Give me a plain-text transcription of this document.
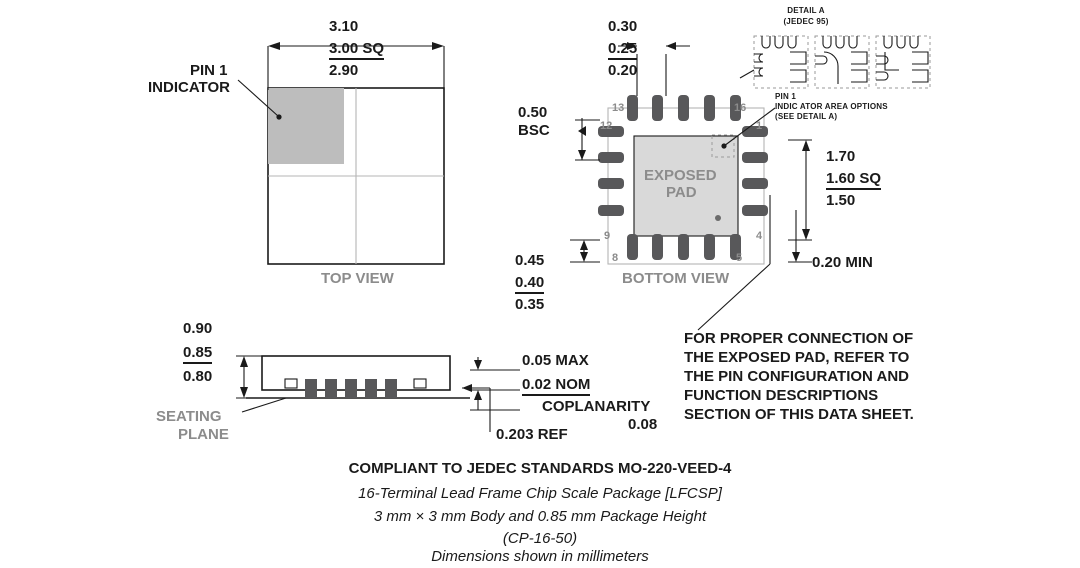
DETAIL A
(JEDEC 95)
PIN 1
INDIC ATOR AREA OPTIONS
(SEE DETAIL A)
PIN 1
INDICATOR
3.10
3.00 SQ
2.90
TOP VIEW
0.30
0.25
0.20
0.50
BSC
0.45
0.40
0.35
13	16
12	1
9	4
8	5
EXPOSED
PAD
BOTTOM VIEW
1.70
1.60 SQ
1.50
0.20 MIN
0.90
0.85
0.80
SEATING
PLANE
0.05 MAX
0.02 NOM
COPLANARITY
0.08
0.203 REF
FOR PROPER CONNECTION OF
THE EXPOSED PAD, REFER TO
THE PIN CONFIGURATION AND
FUNCTION DESCRIPTIONS
SECTION OF THIS DATA SHEET.
COMPLIANT TO JEDEC STANDARDS MO-220-VEED-4
16-Terminal Lead Frame Chip Scale Package [LFCSP]
3 mm × 3 mm Body and 0.85 mm Package Height
(CP-16-50)
Dimensions shown in millimeters
